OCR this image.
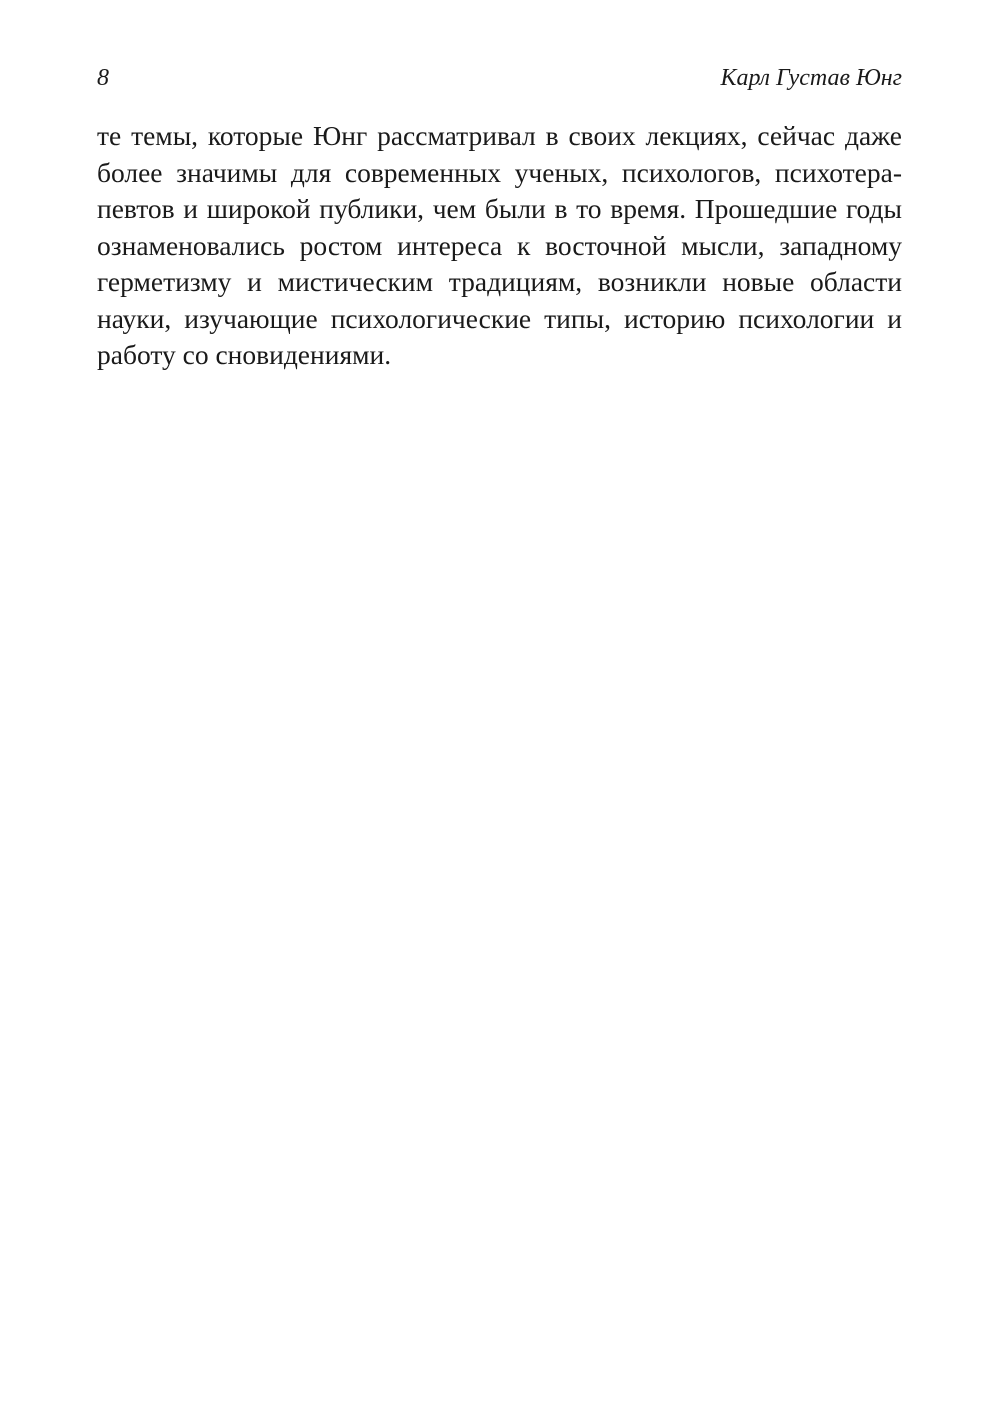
8	Карл Густав Юнг
те темы, которые Юнг рассматривал в своих лекциях, сейчас даже
более значимы для современных ученых, психологов, психотера-
певтов и широкой публики, чем были в то время. Прошедшие годы
ознаменовались ростом интереса к восточной мысли, западному
герметизму и мистическим традициям, возникли новые области
науки, изучающие психологические типы, историю психологии и
работу со сновидениями.
